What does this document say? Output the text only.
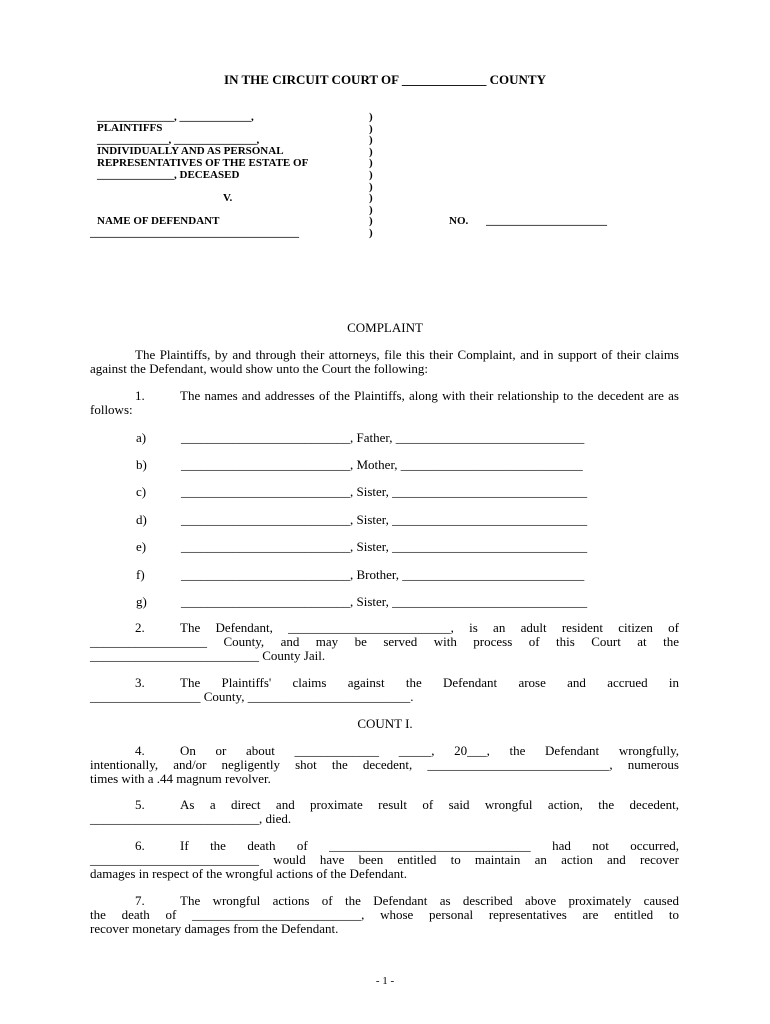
IN THE CIRCUIT COURT OF _____________ COUNTY
______________, _____________,
PLAINTIFFS
_____________, _______________,
INDIVIDUALLY AND AS PERSONAL
REPRESENTATIVES OF THE ESTATE OF
______________, DECEASED
V.
NAME OF DEFENDANT
______________________________________
)
)
)
)
)
)
)
)
)
)
)
NO. ______________________
COMPLAINT
The Plaintiffs, by and through their attorneys, file this their Complaint, and in support of their claims against the Defendant, would show unto the Court the following:
1.	The names and addresses of the Plaintiffs, along with their relationship to the decedent are as follows:
a)	__________________________, Father, _____________________________
b)	__________________________, Mother, ____________________________
c)	__________________________, Sister, ______________________________
d)	__________________________, Sister, ______________________________
e)	__________________________, Sister, ______________________________
f)	__________________________, Brother, ____________________________
g)	__________________________, Sister, ______________________________
2.	The Defendant, _________________________, is an adult resident citizen of
__________________ County, and may be served with process of this Court at the
__________________________ County Jail.
3.	The Plaintiffs' claims against the Defendant arose and accrued in
_________________ County, _________________________.
COUNT I.
4.	On or about _____________ _____, 20___, the Defendant wrongfully,
intentionally, and/or negligently shot the decedent, ____________________________, numerous
times with a .44 magnum revolver.
5.	As a direct and proximate result of said wrongful action, the decedent,
__________________________, died.
6.	If the death of _______________________________ had not occurred,
__________________________ would have been entitled to maintain an action and recover
damages in respect of the wrongful actions of the Defendant.
7.	The wrongful actions of the Defendant as described above proximately caused
the death of __________________________, whose personal representatives are entitled to
recover monetary damages from the Defendant.
- 1 -
